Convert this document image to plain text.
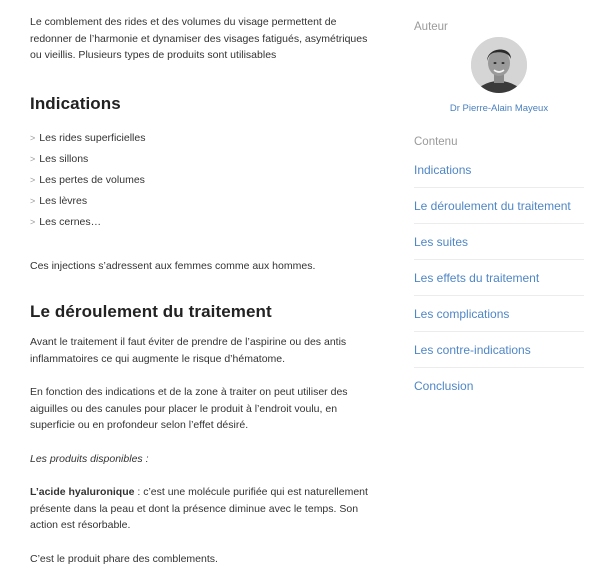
Le comblement des rides et des volumes du visage permettent de redonner de l’harmonie et dynamiser des visages fatigués, asymétriques ou vieillis. Plusieurs types de produits sont utilisables

Indications
> Les rides superficielles
> Les sillons
> Les pertes de volumes
> Les lèvres
> Les cernes…

Ces injections s’adressent aux femmes comme aux hommes.

Le déroulement du traitement

Avant le traitement il faut éviter de prendre de l’aspirine ou des antis inflammatoires ce qui augmente le risque d’hématome.

En fonction des indications et de la zone à traiter on peut utiliser des aiguilles ou des canules pour placer le produit à l’endroit voulu, en superficie ou en profondeur selon l’effet désiré.

Les produits disponibles :

L’acide hyaluronique : c’est une molécule purifiée qui est naturellement présente dans la peau et dont la présence diminue avec le temps. Son action est résorbable.

C’est le produit phare des comblements.

Auteur
Dr Pierre-Alain Mayeux
Contenu
Indications
Le déroulement du traitement
Les suites
Les effets du traitement
Les complications
Les contre-indications
Conclusion
